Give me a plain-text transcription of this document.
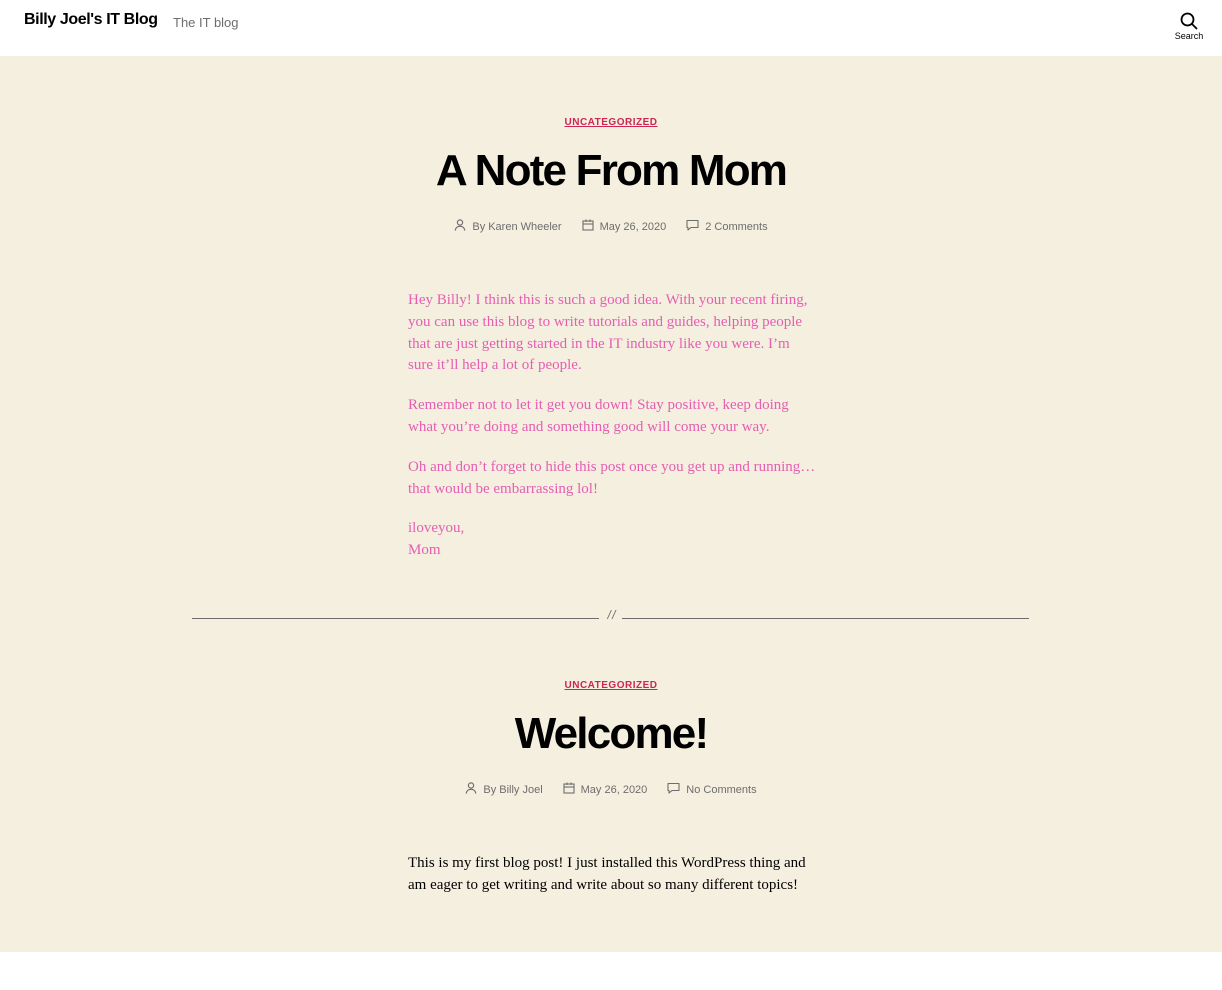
Billy Joel's IT Blog The IT blog
Search
UNCATEGORIZED
A Note From Mom
By Karen Wheeler	May 26, 2020	2 Comments

Hey Billy! I think this is such a good idea. With your recent firing, you can use this blog to write tutorials and guides, helping people that are just getting started in the IT industry like you were. I’m sure it’ll help a lot of people.

Remember not to let it get you down! Stay positive, keep doing what you’re doing and something good will come your way.

Oh and don’t forget to hide this post once you get up and running… that would be embarrassing lol!

iloveyou,

Mom

/ /
UNCATEGORIZED
Welcome!
By Billy Joel	May 26, 2020	No Comments

This is my first blog post! I just installed this WordPress thing and am eager to get writing and write about so many different topics!
